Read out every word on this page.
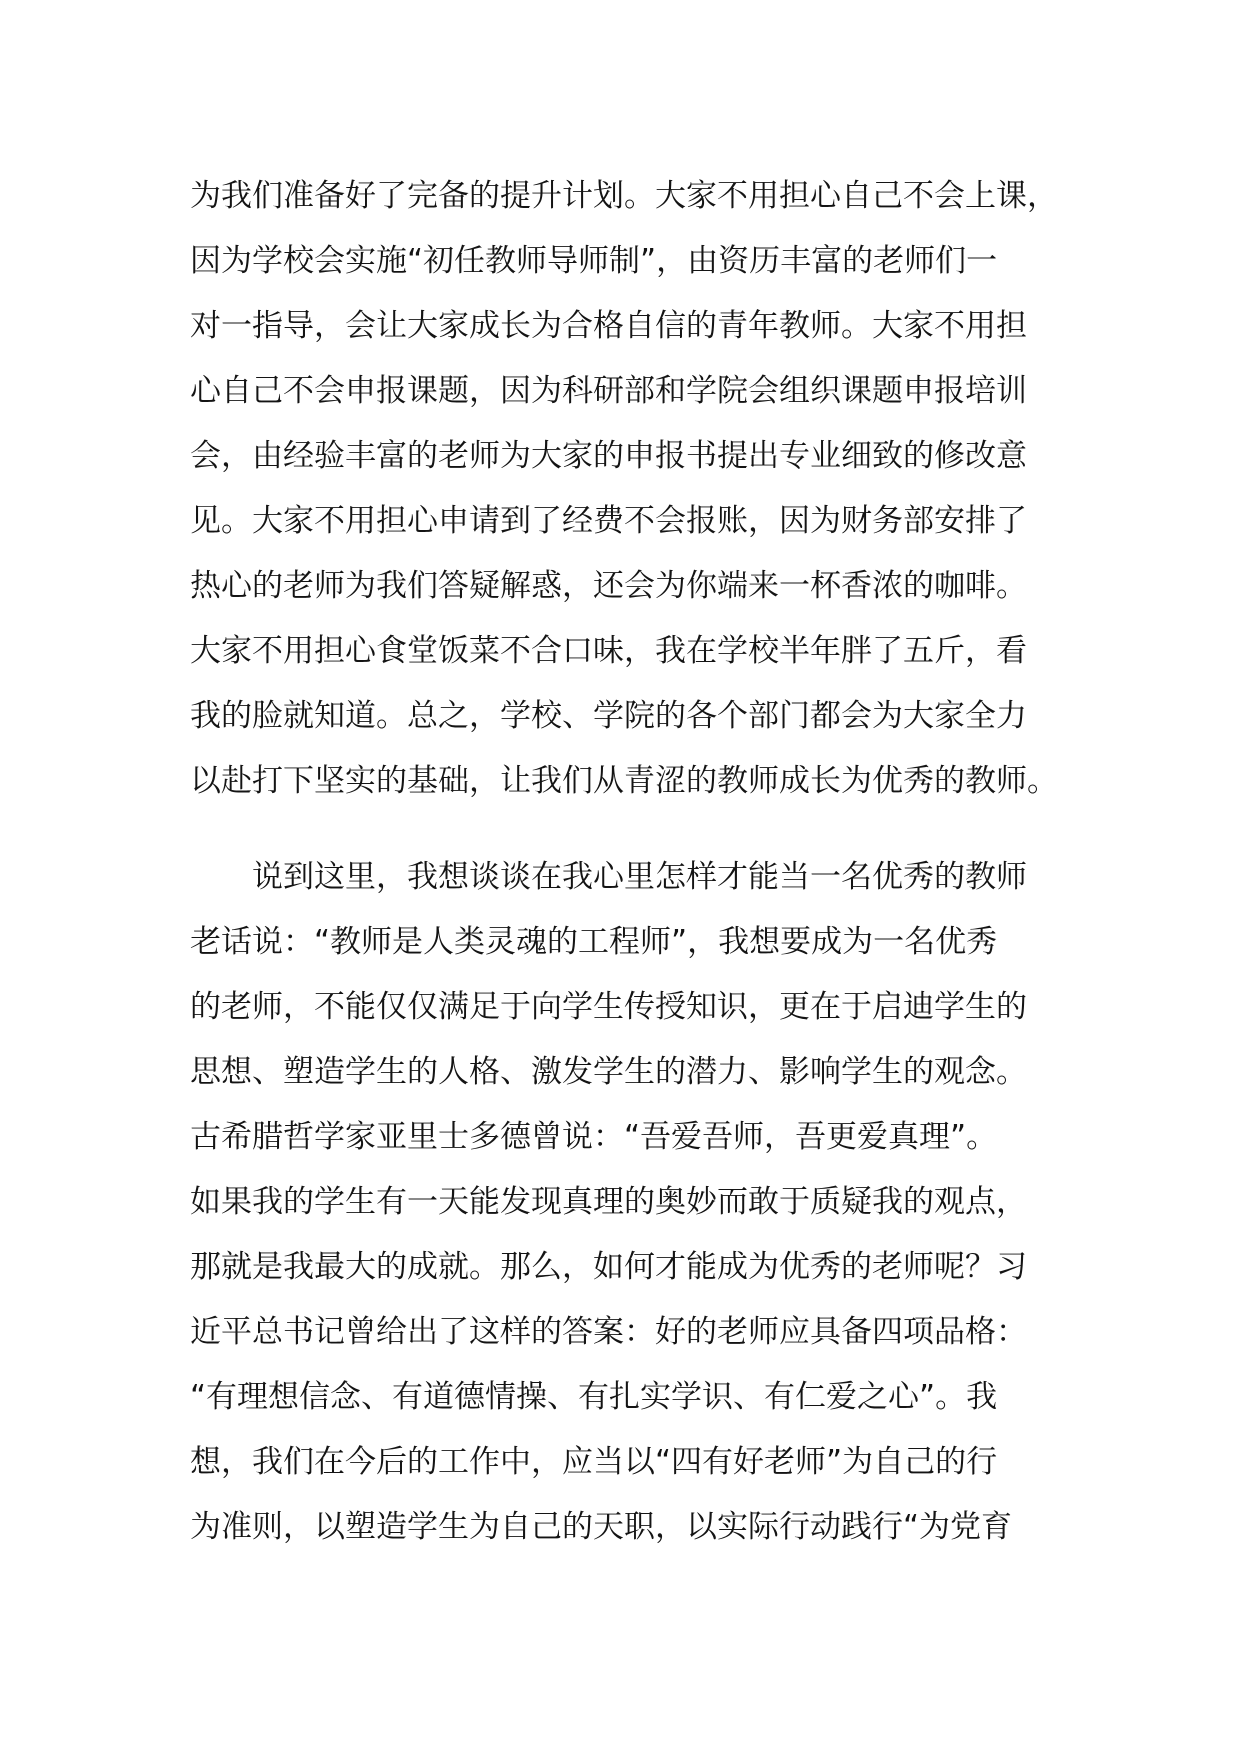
为我们准备好了完备的提升计划。大家不用担心自己不会上课，
因为学校会实施“初任教师导师制”，由资历丰富的老师们一
对一指导，会让大家成长为合格自信的青年教师。大家不用担
心自己不会申报课题，因为科研部和学院会组织课题申报培训
会，由经验丰富的老师为大家的申报书提出专业细致的修改意
见。大家不用担心申请到了经费不会报账，因为财务部安排了
热心的老师为我们答疑解惑，还会为你端来一杯香浓的咖啡。
大家不用担心食堂饭菜不合口味，我在学校半年胖了五斤，看
我的脸就知道。总之，学校、学院的各个部门都会为大家全力
以赴打下坚实的基础，让我们从青涩的教师成长为优秀的教师。
　　说到这里，我想谈谈在我心里怎样才能当一名优秀的教师
老话说：“教师是人类灵魂的工程师”，我想要成为一名优秀
的老师，不能仅仅满足于向学生传授知识，更在于启迪学生的
思想、塑造学生的人格、激发学生的潜力、影响学生的观念。
古希腊哲学家亚里士多德曾说：“吾爱吾师，吾更爱真理”。
如果我的学生有一天能发现真理的奥妙而敢于质疑我的观点，
那就是我最大的成就。那么，如何才能成为优秀的老师呢？习
近平总书记曾给出了这样的答案：好的老师应具备四项品格：
“有理想信念、有道德情操、有扎实学识、有仁爱之心”。我
想，我们在今后的工作中，应当以“四有好老师”为自己的行
为准则，以塑造学生为自己的天职，以实际行动践行“为党育
